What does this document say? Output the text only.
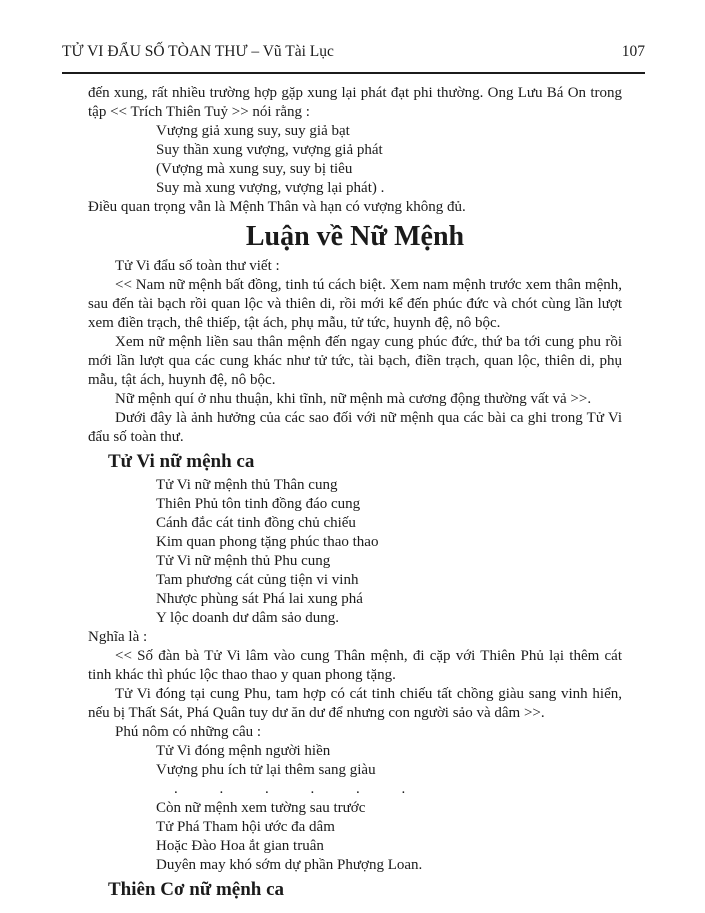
TỬ VI ĐẨU SỐ TÒAN THƯ – Vũ Tài Lục	107

đến xung, rất nhiều trường hợp gặp xung lại phát đạt phi thường. Ong Lưu Bá On trong tập << Trích Thiên Tuỷ >> nói rằng :

Vượng giả xung suy, suy giả bạt

Suy thần xung vượng, vượng giả phát

(Vượng mà xung suy, suy bị tiêu

Suy mà xung vượng, vượng lại phát) .

Điều quan trọng vẫn là Mệnh Thân và hạn có vượng không đủ.

Luận về Nữ Mệnh

Tử Vi đẩu số toàn thư viết :

<< Nam nữ mệnh bất đồng, tinh tú cách biệt. Xem nam mệnh trước xem thân mệnh, sau đến tài bạch rồi quan lộc và thiên di, rồi mới kể đến phúc đức và chót cùng lần lượt xem điền trạch, thê thiếp, tật ách, phụ mẫu, tử tức, huynh đệ, nô bộc.

Xem nữ mệnh liền sau thân mệnh đến ngay cung phúc đức, thứ ba tới cung phu rồi mới lần lượt qua các cung khác như tử tức, tài bạch, điền trạch, quan lộc, thiên di, phụ mẫu, tật ách, huynh đệ, nô bộc.

Nữ mệnh quí ở nhu thuận, khi tĩnh, nữ mệnh mà cương động thường vất vả >>.

Dưới đây là ảnh hưởng của các sao đối với nữ mệnh qua các bài ca ghi trong Tử Vi đẩu số toàn thư.

Tử Vi nữ mệnh ca

Tử Vi nữ mệnh thủ Thân cung

Thiên Phủ tôn tinh đồng đáo cung

Cánh đắc cát tinh đồng chủ chiếu

Kim quan phong tặng phúc thao thao

Tử Vi nữ mệnh thủ Phu cung

Tam phương cát củng tiện vi vinh

Nhược phùng sát Phá lai xung phá

Y lộc doanh dư dâm sảo dung.

Nghĩa là :

<< Số đàn bà Tử Vi lâm vào cung Thân mệnh, đi cặp với Thiên Phủ lại thêm cát tinh khác thì phúc lộc thao thao y quan phong tặng.

Tử Vi đóng tại cung Phu, tam hợp có cát tinh chiếu tất chồng giàu sang vinh hiển, nếu bị Thất Sát, Phá Quân tuy dư ăn dư để nhưng con người sảo và dâm >>.

Phú nôm có những câu :

Tử Vi đóng mệnh người hiền

Vượng phu ích tử lại thêm sang giàu

. . . . . .

Còn nữ mệnh xem tường sau trước

Tử Phá Tham hội ước đa dâm

Hoặc Đào Hoa ắt gian truân

Duyên may khó sớm dự phần Phượng Loan.

Thiên Cơ nữ mệnh ca
